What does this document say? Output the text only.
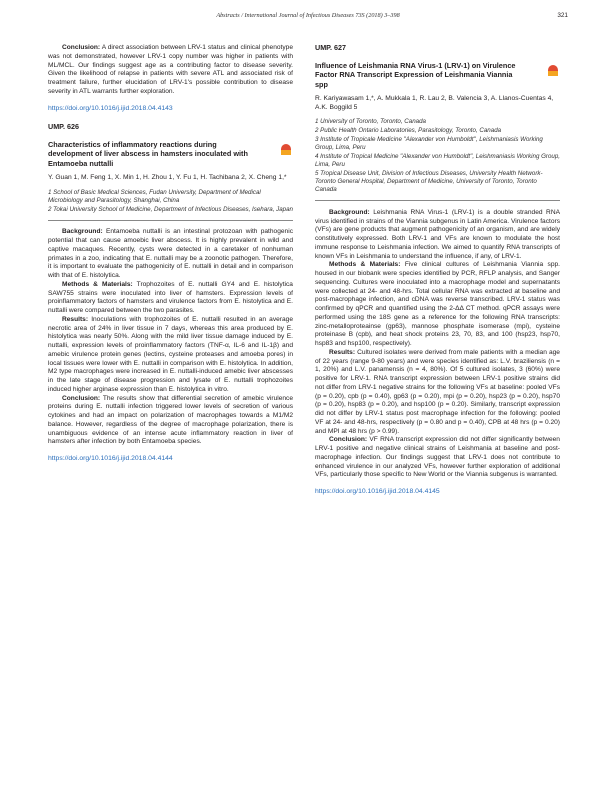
Abstracts / International Journal of Infectious Diseases 73S (2018) 3–398	321

Conclusion: A direct association between LRV-1 status and clinical phenotype was not demonstrated, however LRV-1 copy number was higher in patients with ML/MCL. Our findings suggest age as a contributing factor to disease severity. Given the likelihood of relapse in patients with severe ATL and associated risk of treatment failure, further elucidation of LRV-1's possible contribution to disease severity in ATL warrants further exploration.

https://doi.org/10.1016/j.ijid.2018.04.4143
UMP. 626
Characteristics of inflammatory reactions during development of liver abscess in hamsters inoculated with Entamoeba nuttalli
Y. Guan 1, M. Feng 1, X. Min 1, H. Zhou 1, Y. Fu 1, H. Tachibana 2, X. Cheng 1,*
1 School of Basic Medical Sciences, Fudan University, Department of Medical Microbiology and Parasitology, Shanghai, China
2 Tokai University School of Medicine, Department of Infectious Diseases, Isehara, Japan

Background: Entamoeba nuttalli is an intestinal protozoan with pathogenic potential that can cause amoebic liver abscess. It is highly prevalent in wild and captive macaques. Recently, cysts were detected in a caretaker of nonhuman primates in a zoo, indicating that E. nuttalli may be a zoonotic pathogen. Therefore, it is important to evaluate the pathogenicity of E. nuttalli in detail and in comparison with that of E. histolytica.

Methods & Materials: Trophozoites of E. nuttalli GY4 and E. histolytica SAW755 strains were inoculated into liver of hamsters. Expression levels of proinflammatory factors of hamsters and virulence factors from E. histolytica and E. nuttalli were compared between the two parasites.

Results: Inoculations with trophozoites of E. nuttalli resulted in an average necrotic area of 24% in liver tissue in 7 days, whereas this area produced by E. histolytica was nearly 50%. Along with the mild liver tissue damage induced by E. nuttalli, expression levels of proinflammatory factors (TNF-α, IL-6 and IL-1β) and amebic virulence protein genes (lectins, cysteine proteases and amoeba pores) in local tissues were lower with E. nuttalli in comparison with E. histolytica. In addition, M2 type macrophages were increased in E. nuttalli-induced amebic liver abscesses in the late stage of disease progression and lysate of E. nuttalli trophozoites induced higher arginase expression than E. histolytica in vitro.

Conclusion: The results show that differential secretion of amebic virulence proteins during E. nuttalli infection triggered lower levels of secretion of various cytokines and had an impact on polarization of macrophages towards a M1/M2 balance. However, regardless of the degree of macrophage polarization, there is unambiguous evidence of an intense acute inflammatory reaction in liver of hamsters after infection by both Entamoeba species.

https://doi.org/10.1016/j.ijid.2018.04.4144
UMP. 627
Influence of Leishmania RNA Virus-1 (LRV-1) on Virulence Factor RNA Transcript Expression of Leishmania Viannia spp
R. Kariyawasam 1,*, A. Mukkala 1, R. Lau 2, B. Valencia 3, A. Llanos-Cuentas 4, A.K. Boggild 5
1 University of Toronto, Toronto, Canada
2 Public Health Ontario Laboratories, Parasitology, Toronto, Canada
3 Institute of Tropicale Medicine "Alexander von Humboldt", Leishmaniasis Working Group, Lima, Peru
4 Institute of Tropical Medicine "Alexander von Humboldt", Leishmaniasis Working Group, Lima, Peru
5 Tropical Disease Unit, Division of Infectious Diseases, University Health Network-Toronto General Hospital, Department of Medicine, University of Toronto, Toronto Canada

Background: Leishmania RNA Virus-1 (LRV-1) is a double stranded RNA virus identified in strains of the Viannia subgenus in Latin America. Virulence factors (VFs) are gene products that augment pathogenicity of an organism, and are widely constitutively expressed. Both LRV-1 and VFs are known to modulate the host immune response to Leishmania infection. We aimed to quantify RNA transcripts of known VFs in Leishmania to understand the influence, if any, of LRV-1.

Methods & Materials: Five clinical cultures of Leishmania Viannia spp. housed in our biobank were species identified by PCR, RFLP analysis, and Sanger sequencing. Cultures were inoculated into a macrophage model and supernatants were collected at 24- and 48-hrs. Total cellular RNA was extracted at baseline and post-macrophage infection, and cDNA was reverse transcribed. LRV-1 status was confirmed by qPCR and quantified using the 2-ΔΔ CT method. qPCR assays were performed using the 18S gene as a reference for the following RNA transcripts: zinc-metalloproteainse (gp63), mannose phosphate isomerase (mpi), cysteine proteinase B (cpb), and heat shock proteins 23, 70, 83, and 100 (hsp23, hsp70, hsp83 and hsp100, respectively).

Results: Cultured isolates were derived from male patients with a median age of 22 years (range 9-80 years) and were species identified as: L.V. braziliensis (n = 1, 20%) and L.V. panamensis (n = 4, 80%). Of 5 cultured isolates, 3 (60%) were positive for LRV-1. RNA transcript expression between LRV-1 positive strains did not differ from LRV-1 negative strains for the following VFs at baseline: pooled VFs (p = 0.20), cpb (p = 0.40), gp63 (p = 0.20), mpi (p = 0.20), hsp23 (p = 0.20), hsp70 (p = 0.20), hsp83 (p = 0.20), and hsp100 (p = 0.20). Similarly, transcript expression did not differ by LRV-1 status post macrophage infection for the following: pooled VF at 24- and 48-hrs, respectively (p = 0.80 and p = 0.40), CPB at 48 hrs (p = 0.20) and MPI at 48 hrs (p > 0.99).

Conclusion: VF RNA transcript expression did not differ significantly between LRV-1 positive and negative clinical strains of Leishmania at baseline and post-macrophage infection. Our findings suggest that LRV-1 does not contribute to enhanced virulence in our analyzed VFs, however further exploration of additional VFs, particularly those specific to New World or the Viannia subgenus is warranted.

https://doi.org/10.1016/j.ijid.2018.04.4145
